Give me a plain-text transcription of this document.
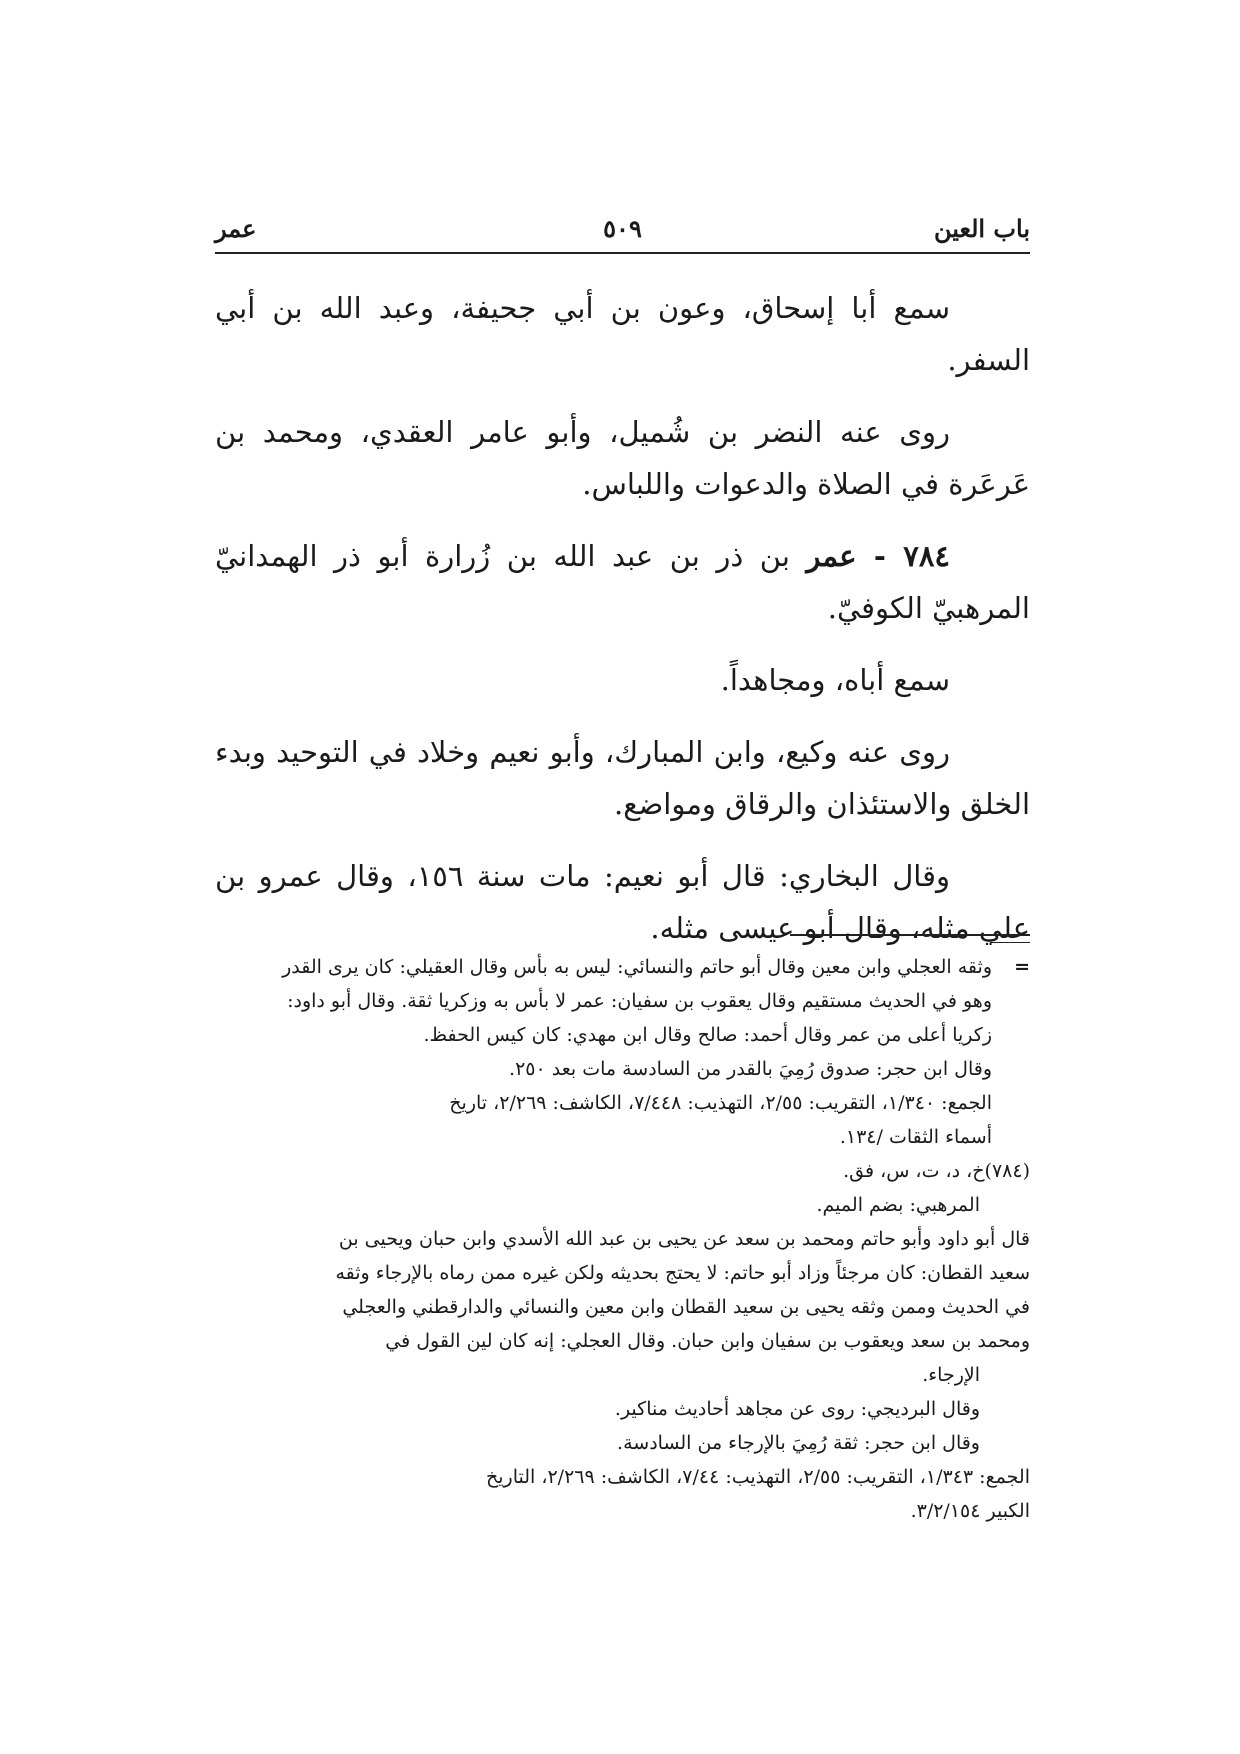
باب العين
٥٠٩
عمر

سمع أبا إسحاق، وعون بن أبي جحيفة، وعبد الله بن أبي السفر.

روى عنه النضر بن شُميل، وأبو عامر العقدي، ومحمد بن عَرعَرة في الصلاة والدعوات واللباس.

٧٨٤ - عمر بن ذر بن عبد الله بن زُرارة أبو ذر الهمدانيّ المرهبيّ الكوفيّ.

سمع أباه، ومجاهداً.

روى عنه وكيع، وابن المبارك، وأبو نعيم وخلاد في التوحيد وبدء الخلق والاستئذان والرقاق ومواضع.

وقال البخاري: قال أبو نعيم: مات سنة ١٥٦، وقال عمرو بن علي مثله، وقال أبو عيسى مثله.

=

وثقه العجلي وابن معين وقال أبو حاتم والنسائي: ليس به بأس وقال العقيلي: كان يرى القدر

وهو في الحديث مستقيم وقال يعقوب بن سفيان: عمر لا بأس به وزكريا ثقة. وقال أبو داود:

زكريا أعلى من عمر وقال أحمد: صالح وقال ابن مهدي: كان كيس الحفظ.

وقال ابن حجر: صدوق رُمِيَ بالقدر من السادسة مات بعد ٢٥٠.

الجمع: ١/٣٤٠، التقريب: ٢/٥٥، التهذيب: ٧/٤٤٨، الكاشف: ٢/٢٦٩، تاريخ

أسماء الثقات /١٣٤.

(٧٨٤)خ، د، ت، س، فق.

المرهبي: بضم الميم.

قال أبو داود وأبو حاتم ومحمد بن سعد عن يحيى بن عبد الله الأسدي وابن حبان ويحيى بن

سعيد القطان: كان مرجئاً وزاد أبو حاتم: لا يحتج بحديثه ولكن غيره ممن رماه بالإرجاء وثقه

في الحديث وممن وثقه يحيى بن سعيد القطان وابن معين والنسائي والدارقطني والعجلي

ومحمد بن سعد ويعقوب بن سفيان وابن حبان. وقال العجلي: إنه كان لين القول في

الإرجاء.

وقال البرديجي: روى عن مجاهد أحاديث مناكير.

وقال ابن حجر: ثقة رُمِيَ بالإرجاء من السادسة.

الجمع: ١/٣٤٣، التقريب: ٢/٥٥، التهذيب: ٧/٤٤، الكاشف: ٢/٢٦٩، التاريخ

الكبير ٣/٢/١٥٤.
